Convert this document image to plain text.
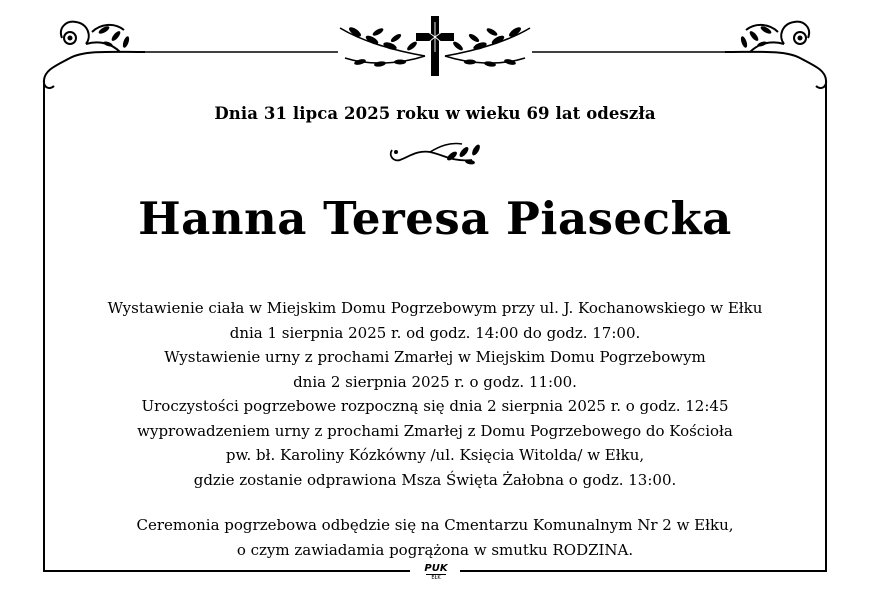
Dnia 31 lipca 2025 roku w wieku 69 lat odeszła
Hanna Teresa Piasecka
Wystawienie ciała w Miejskim Domu Pogrzebowym przy ul. J. Kochanowskiego w Ełku
dnia 1 sierpnia 2025 r. od godz. 14:00 do godz. 17:00.
Wystawienie urny z prochami Zmarłej w Miejskim Domu Pogrzebowym
dnia 2 sierpnia 2025 r. o godz. 11:00.
Uroczystości pogrzebowe rozpoczną się dnia 2 sierpnia 2025 r. o godz. 12:45
wyprowadzeniem urny z prochami Zmarłej z Domu Pogrzebowego do Kościoła
pw. bł. Karoliny Kózkówny /ul. Księcia Witolda/ w Ełku,
gdzie zostanie odprawiona Msza Święta Żałobna o godz. 13:00.
Ceremonia pogrzebowa odbędzie się na Cmentarzu Komunalnym Nr 2 w Ełku,
o czym zawiadamia pogrążona w smutku RODZINA.
PUK
EŁK
